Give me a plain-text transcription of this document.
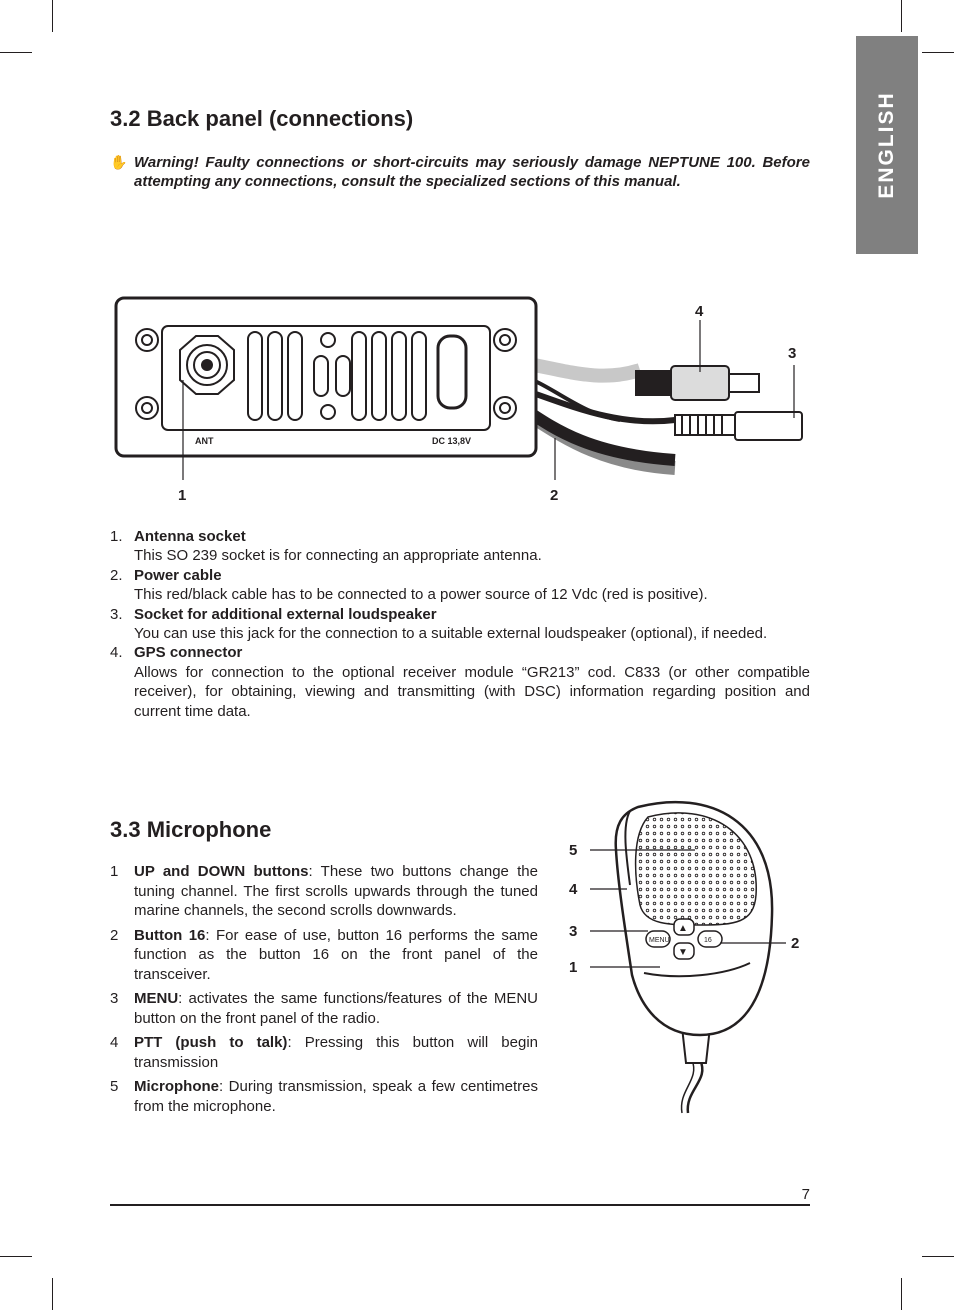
ENGLISH
3.2 Back panel (connections)
✋ Warning! Faulty connections or short-circuits may seriously damage NEPTUNE 100. Before attempting any connections, consult the specialized sections of this manual.
ANT	DC 13,8V
1	2
3
4
1. Antenna socket
This SO 239 socket is for connecting an appropriate antenna.
2. Power cable
This red/black cable has to be connected to a power source of 12 Vdc (red is positive).
3. Socket for additional external loudspeaker
You can use this jack for the connection to a suitable external loudspeaker (optional), if needed.
4. GPS connector
Allows for connection to the optional receiver module “GR213” cod. C833 (or other compatible receiver), for obtaining, viewing and transmitting (with DSC) information regarding position and current time data.
3.3 Microphone
1 UP and DOWN buttons: These two buttons change the tuning channel. The first scrolls upwards through the tuned marine channels, the second scrolls downwards.
2 Button 16: For ease of use, button 16 performs the same function as the button 16 on the front panel of the transceiver.
3 MENU: activates the same functions/features of the MENU button on the front panel of the radio.
4 PTT (push to talk): Pressing this button will begin transmission
5 Microphone: During transmission, speak a few centimetres from the microphone.
MENU
▲
▼
16
5
4
3
1
2
7
